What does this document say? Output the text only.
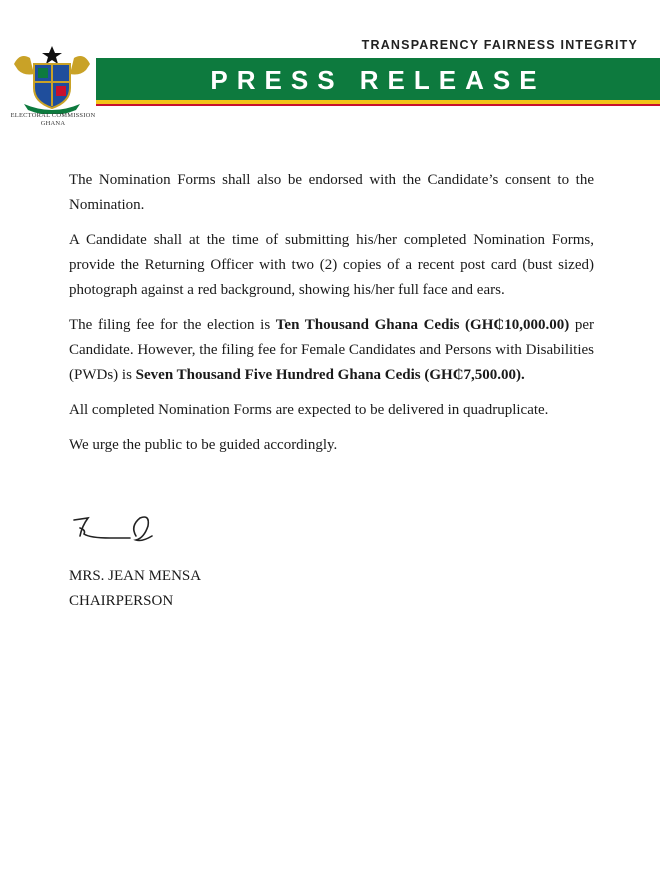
TRANSPARENCY FAIRNESS INTEGRITY
ELECTORAL COMMISSION
GHANA
PRESS RELEASE

The Nomination Forms shall also be endorsed with the Candidate’s consent to the Nomination.

A Candidate shall at the time of submitting his/her completed Nomination Forms, provide the Returning Officer with two (2) copies of a recent post card (bust sized) photograph against a red background, showing his/her full face and ears.

The filing fee for the election is Ten Thousand Ghana Cedis (GH₵10,000.00) per Candidate. However, the filing fee for Female Candidates and Persons with Disabilities (PWDs) is Seven Thousand Five Hundred Ghana Cedis (GH₵7,500.00).

All completed Nomination Forms are expected to be delivered in quadruplicate.

We urge the public to be guided accordingly.

MRS. JEAN MENSA
CHAIRPERSON
